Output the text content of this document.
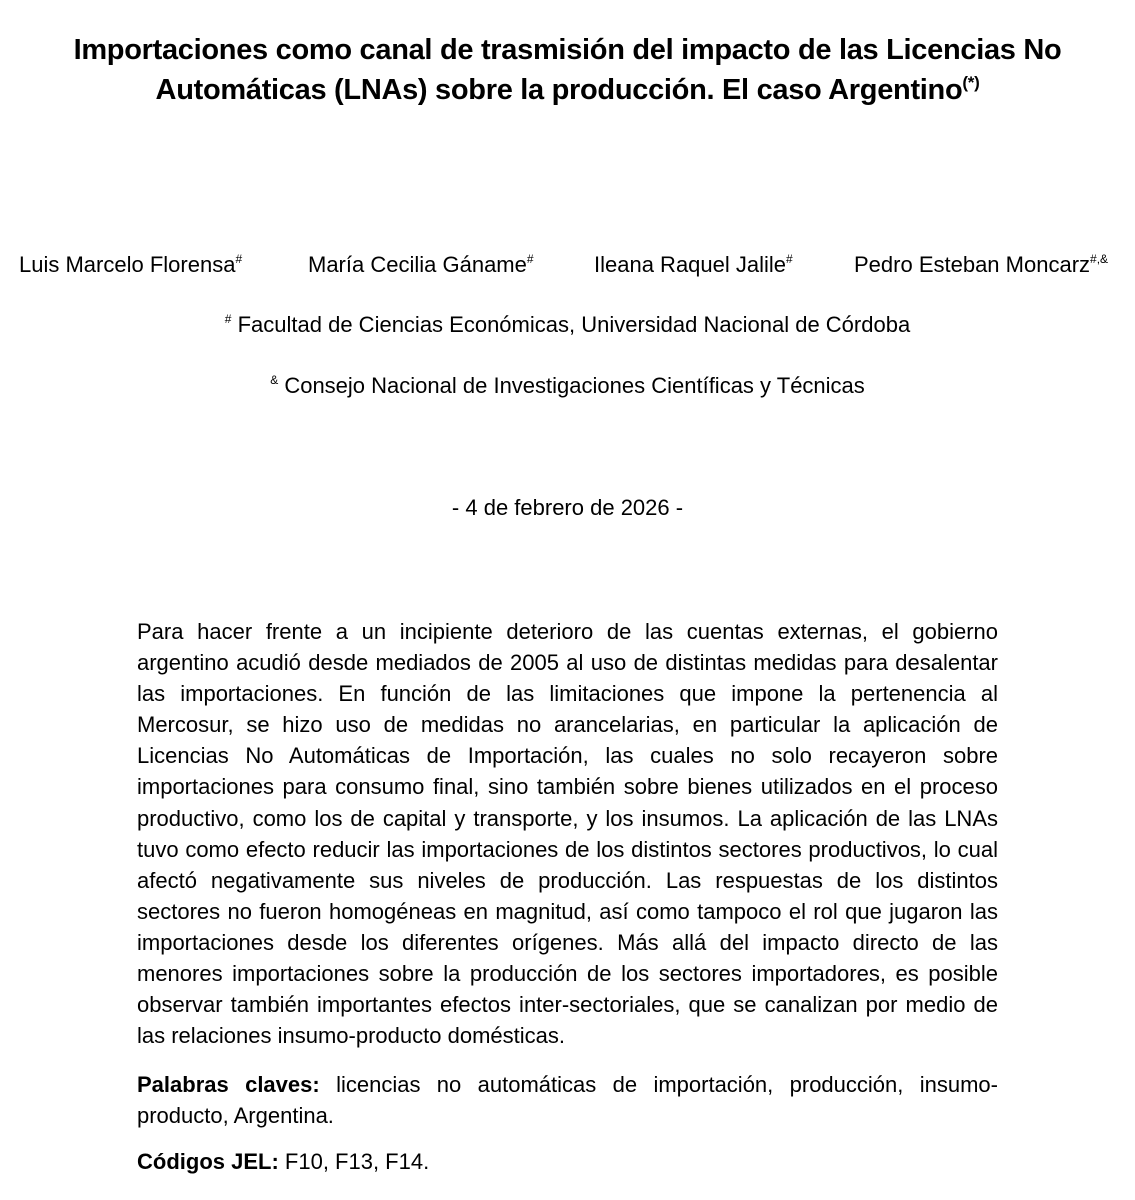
Importaciones como canal de trasmisión del impacto de las Licencias No Automáticas (LNAs) sobre la producción. El caso Argentino(*)
Luis Marcelo Florensa#	María Cecilia Gáname#	Ileana Raquel Jalile#	Pedro Esteban Moncarz#,&
# Facultad de Ciencias Económicas, Universidad Nacional de Córdoba
& Consejo Nacional de Investigaciones Científicas y Técnicas
- 4 de febrero de 2026 -

Para hacer frente a un incipiente deterioro de las cuentas externas, el gobierno argentino acudió desde mediados de 2005 al uso de distintas medidas para desalentar las importaciones. En función de las limitaciones que impone la pertenencia al Mercosur, se hizo uso de medidas no arancelarias, en particular la aplicación de Licencias No Automáticas de Importación, las cuales no solo recayeron sobre importaciones para consumo final, sino también sobre bienes utilizados en el proceso productivo, como los de capital y transporte, y los insumos. La aplicación de las LNAs tuvo como efecto reducir las importaciones de los distintos sectores productivos, lo cual afectó negativamente sus niveles de producción. Las respuestas de los distintos sectores no fueron homogéneas en magnitud, así como tampoco el rol que jugaron las importaciones desde los diferentes orígenes. Más allá del impacto directo de las menores importaciones sobre la producción de los sectores importadores, es posible observar también importantes efectos inter-sectoriales, que se canalizan por medio de las relaciones insumo-producto domésticas.

Palabras claves: licencias no automáticas de importación, producción, insumo-producto, Argentina.

Códigos JEL: F10, F13, F14.
